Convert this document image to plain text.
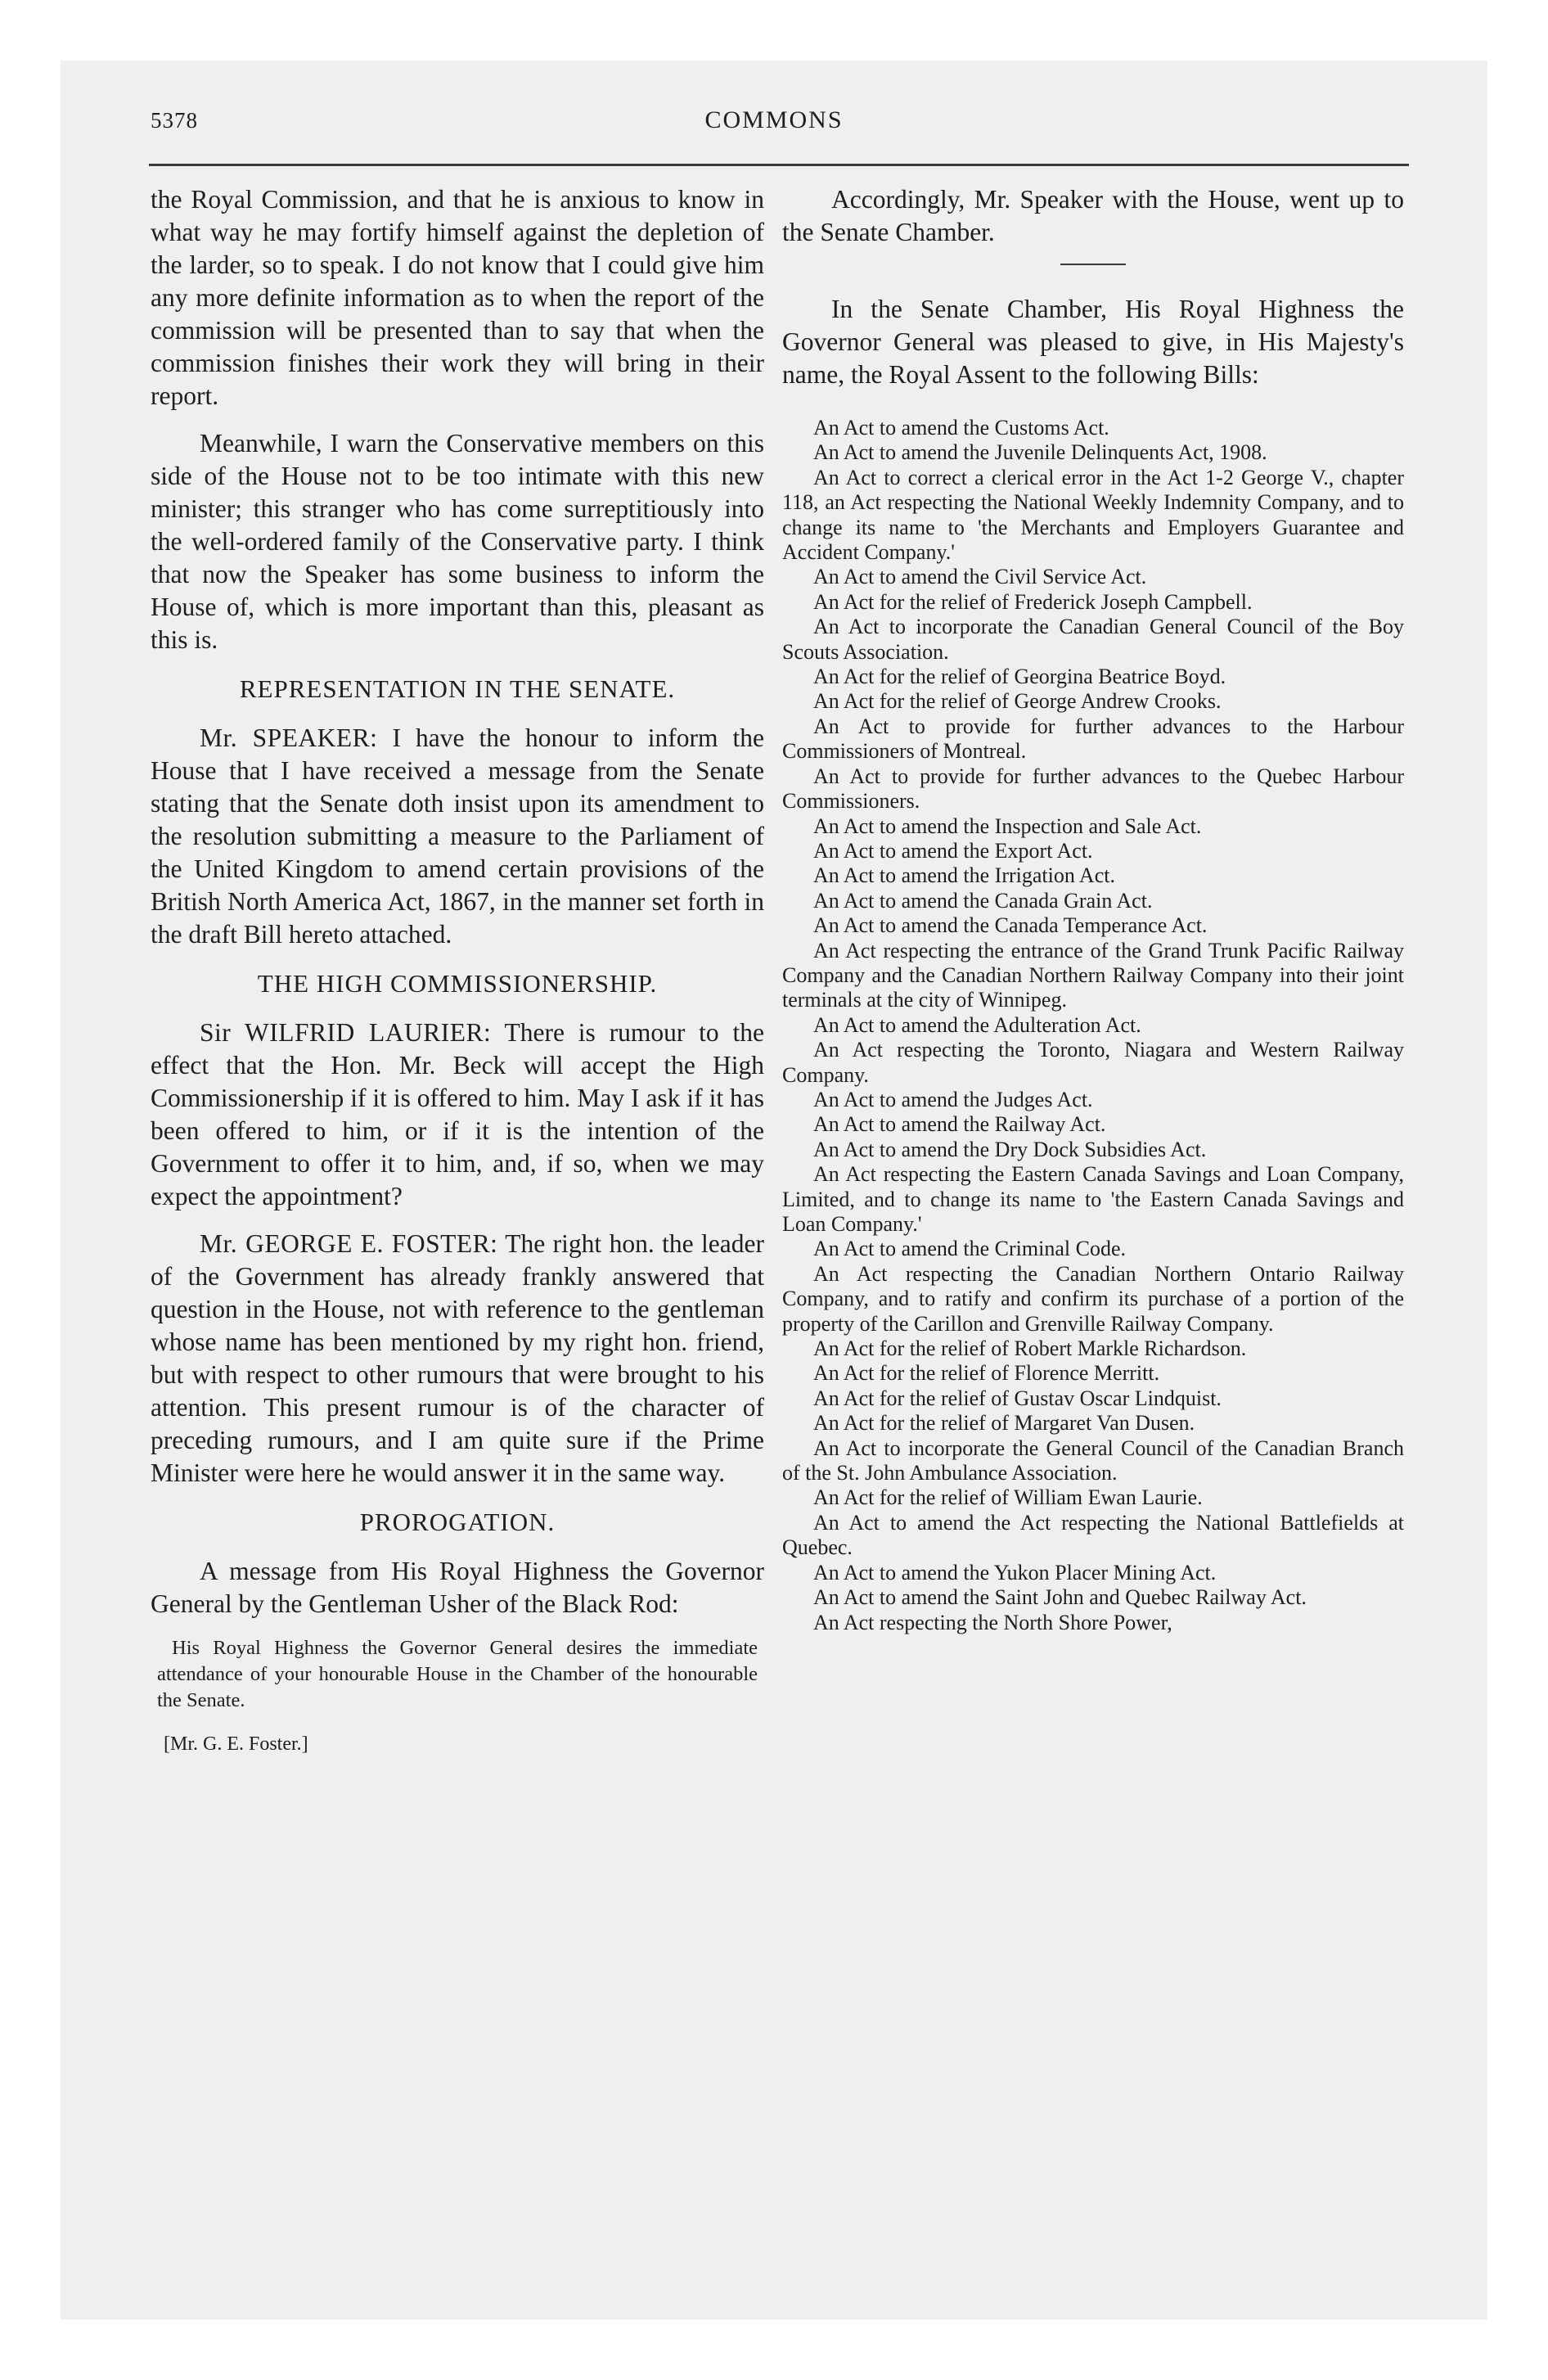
5378	COMMONS

the Royal Commission, and that he is anxious to know in what way he may fortify himself against the depletion of the larder, so to speak. I do not know that I could give him any more definite information as to when the report of the commission will be presented than to say that when the commission finishes their work they will bring in their report.

Meanwhile, I warn the Conservative members on this side of the House not to be too intimate with this new minister; this stranger who has come surreptitiously into the well-ordered family of the Conservative party. I think that now the Speaker has some business to inform the House of, which is more important than this, pleasant as this is.

REPRESENTATION IN THE SENATE.

Mr. SPEAKER: I have the honour to inform the House that I have received a message from the Senate stating that the Senate doth insist upon its amendment to the resolution submitting a measure to the Parliament of the United Kingdom to amend certain provisions of the British North America Act, 1867, in the manner set forth in the draft Bill hereto attached.

THE HIGH COMMISSIONERSHIP.

Sir WILFRID LAURIER: There is rumour to the effect that the Hon. Mr. Beck will accept the High Commissionership if it is offered to him. May I ask if it has been offered to him, or if it is the intention of the Government to offer it to him, and, if so, when we may expect the appointment?

Mr. GEORGE E. FOSTER: The right hon. the leader of the Government has already frankly answered that question in the House, not with reference to the gentleman whose name has been mentioned by my right hon. friend, but with respect to other rumours that were brought to his attention. This present rumour is of the character of preceding rumours, and I am quite sure if the Prime Minister were here he would answer it in the same way.

PROROGATION.

A message from His Royal Highness the Governor General by the Gentleman Usher of the Black Rod:

His Royal Highness the Governor General desires the immediate attendance of your honourable House in the Chamber of the honourable the Senate.

[Mr. G. E. Foster.]

Accordingly, Mr. Speaker with the House, went up to the Senate Chamber.

In the Senate Chamber, His Royal Highness the Governor General was pleased to give, in His Majesty's name, the Royal Assent to the following Bills:

An Act to amend the Customs Act.

An Act to amend the Juvenile Delinquents Act, 1908.

An Act to correct a clerical error in the Act 1-2 George V., chapter 118, an Act respecting the National Weekly Indemnity Company, and to change its name to 'the Merchants and Employers Guarantee and Accident Company.'

An Act to amend the Civil Service Act.

An Act for the relief of Frederick Joseph Campbell.

An Act to incorporate the Canadian General Council of the Boy Scouts Association.

An Act for the relief of Georgina Beatrice Boyd.

An Act for the relief of George Andrew Crooks.

An Act to provide for further advances to the Harbour Commissioners of Montreal.

An Act to provide for further advances to the Quebec Harbour Commissioners.

An Act to amend the Inspection and Sale Act.

An Act to amend the Export Act.

An Act to amend the Irrigation Act.

An Act to amend the Canada Grain Act.

An Act to amend the Canada Temperance Act.

An Act respecting the entrance of the Grand Trunk Pacific Railway Company and the Canadian Northern Railway Company into their joint terminals at the city of Winnipeg.

An Act to amend the Adulteration Act.

An Act respecting the Toronto, Niagara and Western Railway Company.

An Act to amend the Judges Act.

An Act to amend the Railway Act.

An Act to amend the Dry Dock Subsidies Act.

An Act respecting the Eastern Canada Savings and Loan Company, Limited, and to change its name to 'the Eastern Canada Savings and Loan Company.'

An Act to amend the Criminal Code.

An Act respecting the Canadian Northern Ontario Railway Company, and to ratify and confirm its purchase of a portion of the property of the Carillon and Grenville Railway Company.

An Act for the relief of Robert Markle Richardson.

An Act for the relief of Florence Merritt.

An Act for the relief of Gustav Oscar Lindquist.

An Act for the relief of Margaret Van Dusen.

An Act to incorporate the General Council of the Canadian Branch of the St. John Ambulance Association.

An Act for the relief of William Ewan Laurie.

An Act to amend the Act respecting the National Battlefields at Quebec.

An Act to amend the Yukon Placer Mining Act.

An Act to amend the Saint John and Quebec Railway Act.

An Act respecting the North Shore Power,
